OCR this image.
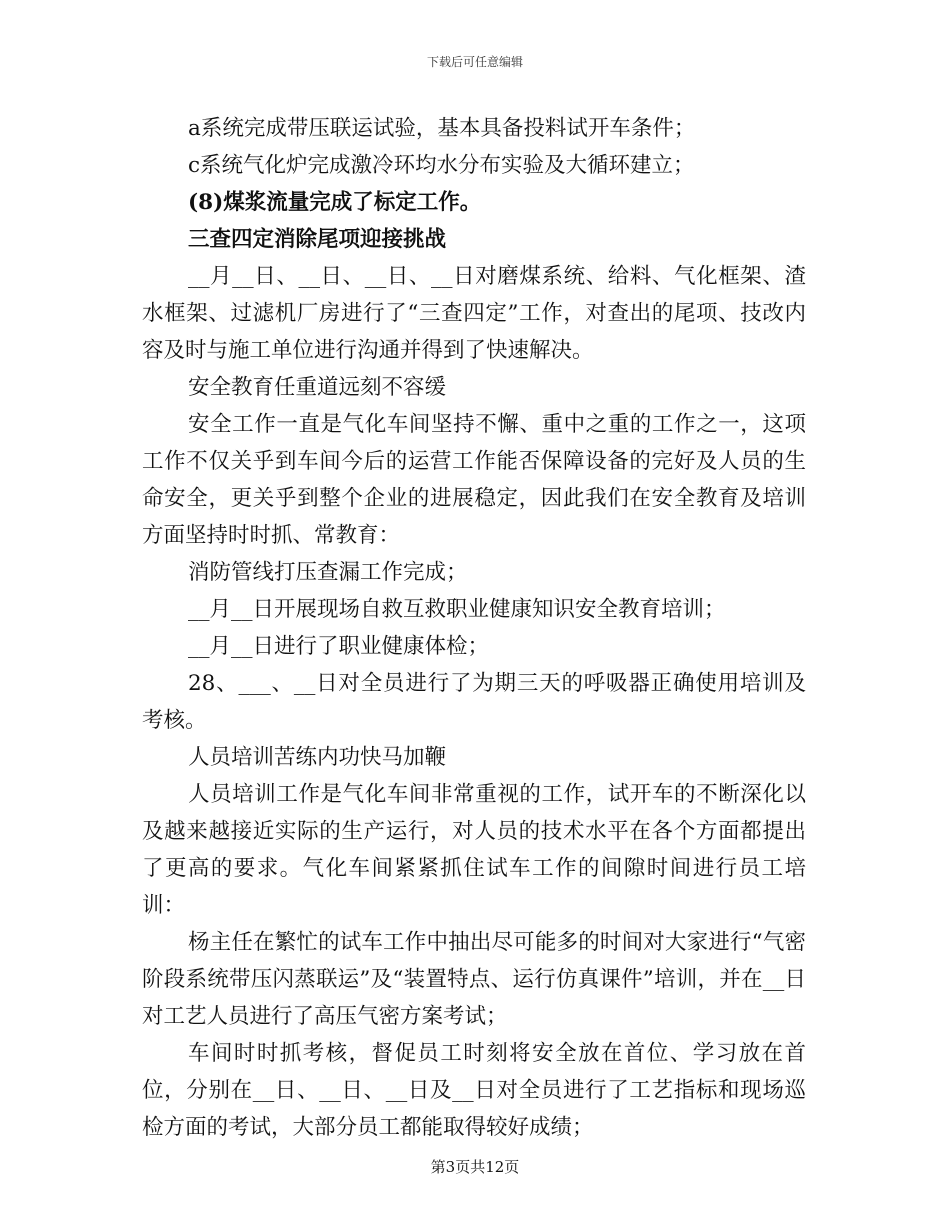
下载后可任意编辑

a系统完成带压联运试验，基本具备投料试开车条件；

c系统气化炉完成激冷环均水分布实验及大循环建立；

(8)煤浆流量完成了标定工作。

三查四定消除尾项迎接挑战

__月__日、__日、__日、__日对磨煤系统、给料、气化框架、渣水框架、过滤机厂房进行了“三查四定”工作，对查出的尾项、技改内容及时与施工单位进行沟通并得到了快速解决。

安全教育任重道远刻不容缓

安全工作一直是气化车间坚持不懈、重中之重的工作之一，这项工作不仅关乎到车间今后的运营工作能否保障设备的完好及人员的生命安全，更关乎到整个企业的进展稳定，因此我们在安全教育及培训方面坚持时时抓、常教育：

消防管线打压查漏工作完成；

__月__日开展现场自救互救职业健康知识安全教育培训；

__月__日进行了职业健康体检；

28、___、__日对全员进行了为期三天的呼吸器正确使用培训及考核。

人员培训苦练内功快马加鞭

人员培训工作是气化车间非常重视的工作，试开车的不断深化以及越来越接近实际的生产运行，对人员的技术水平在各个方面都提出了更高的要求。气化车间紧紧抓住试车工作的间隙时间进行员工培训：

杨主任在繁忙的试车工作中抽出尽可能多的时间对大家进行“气密阶段系统带压闪蒸联运”及“装置特点、运行仿真课件”培训，并在__日对工艺人员进行了高压气密方案考试；

车间时时抓考核，督促员工时刻将安全放在首位、学习放在首位，分别在__日、__日、__日及__日对全员进行了工艺指标和现场巡检方面的考试，大部分员工都能取得较好成绩；

第3页共12页
